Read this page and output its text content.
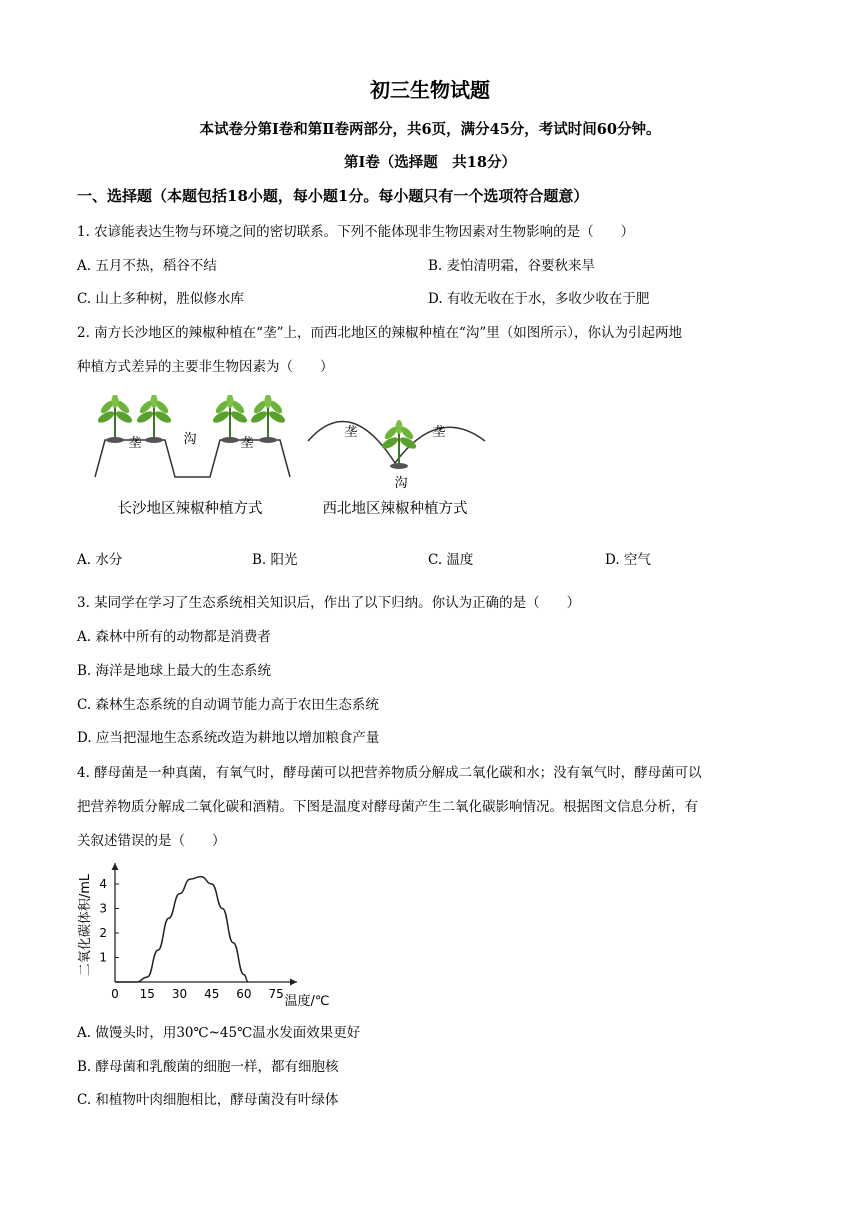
初三生物试题
本试卷分第Ⅰ卷和第Ⅱ卷两部分，共6页，满分45分，考试时间60分钟。
第Ⅰ卷（选择题　共18分）
一、选择题（本题包括18小题，每小题1分。每小题只有一个选项符合题意）
1. 农谚能表达生物与环境之间的密切联系。下列不能体现非生物因素对生物影响的是（　　）
A. 五月不热，稻谷不结	B. 麦怕清明霜，谷要秋来旱
C. 山上多种树，胜似修水库	D. 有收无收在于水，多收少收在于肥
2. 南方长沙地区的辣椒种植在“垄”上，而西北地区的辣椒种植在“沟”里（如图所示），你认为引起两地
种植方式差异的主要非生物因素为（　　）
垄	沟	垄
垄	垄
沟
长沙地区辣椒种植方式	西北地区辣椒种植方式
A. 水分	B. 阳光	C. 温度	D. 空气
3. 某同学在学习了生态系统相关知识后，作出了以下归纳。你认为正确的是（　　）
A. 森林中所有的动物都是消费者
B. 海洋是地球上最大的生态系统
C. 森林生态系统的自动调节能力高于农田生态系统
D. 应当把湿地生态系统改造为耕地以增加粮食产量
4. 酵母菌是一种真菌，有氧气时，酵母菌可以把营养物质分解成二氧化碳和水；没有氧气时，酵母菌可以
把营养物质分解成二氧化碳和酒精。下图是温度对酵母菌产生二氧化碳影响情况。根据图文信息分析，有
关叙述错误的是（　　）
二氧化碳体积/mL
温度/℃
0 15 30 45 60 75
1
2
3
4
A. 做馒头时，用30℃~45℃温水发面效果更好
B. 酵母菌和乳酸菌的细胞一样，都有细胞核
C. 和植物叶肉细胞相比，酵母菌没有叶绿体
